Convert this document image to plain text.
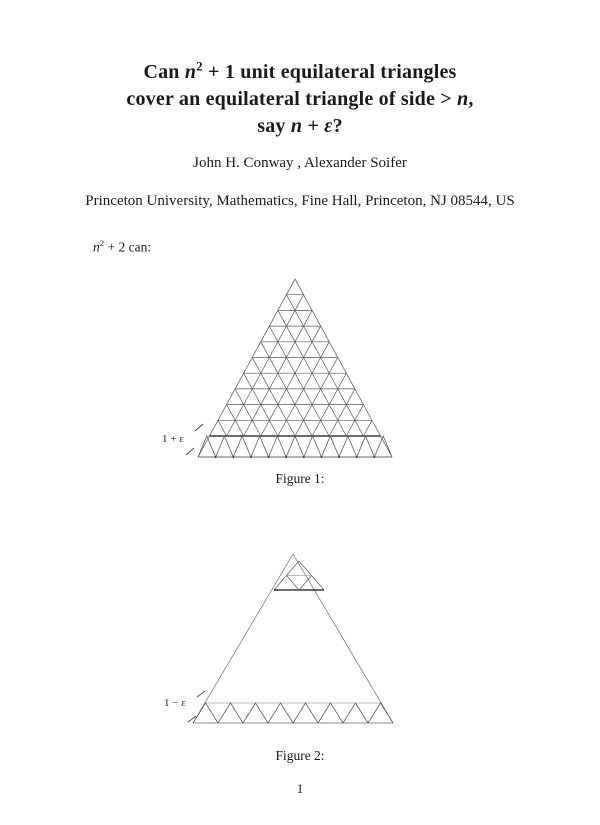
Can $n^2 + 1$ unit equilateral triangles
cover an equilateral triangle of side > n,
say n + ε?
John H. Conway , Alexander Soifer
Princeton University, Mathematics, Fine Hall, Princeton, NJ 08544, US
$n^2 + 2$ can:
1 + ε
Figure 1:
1 − ε
Figure 2:
1
